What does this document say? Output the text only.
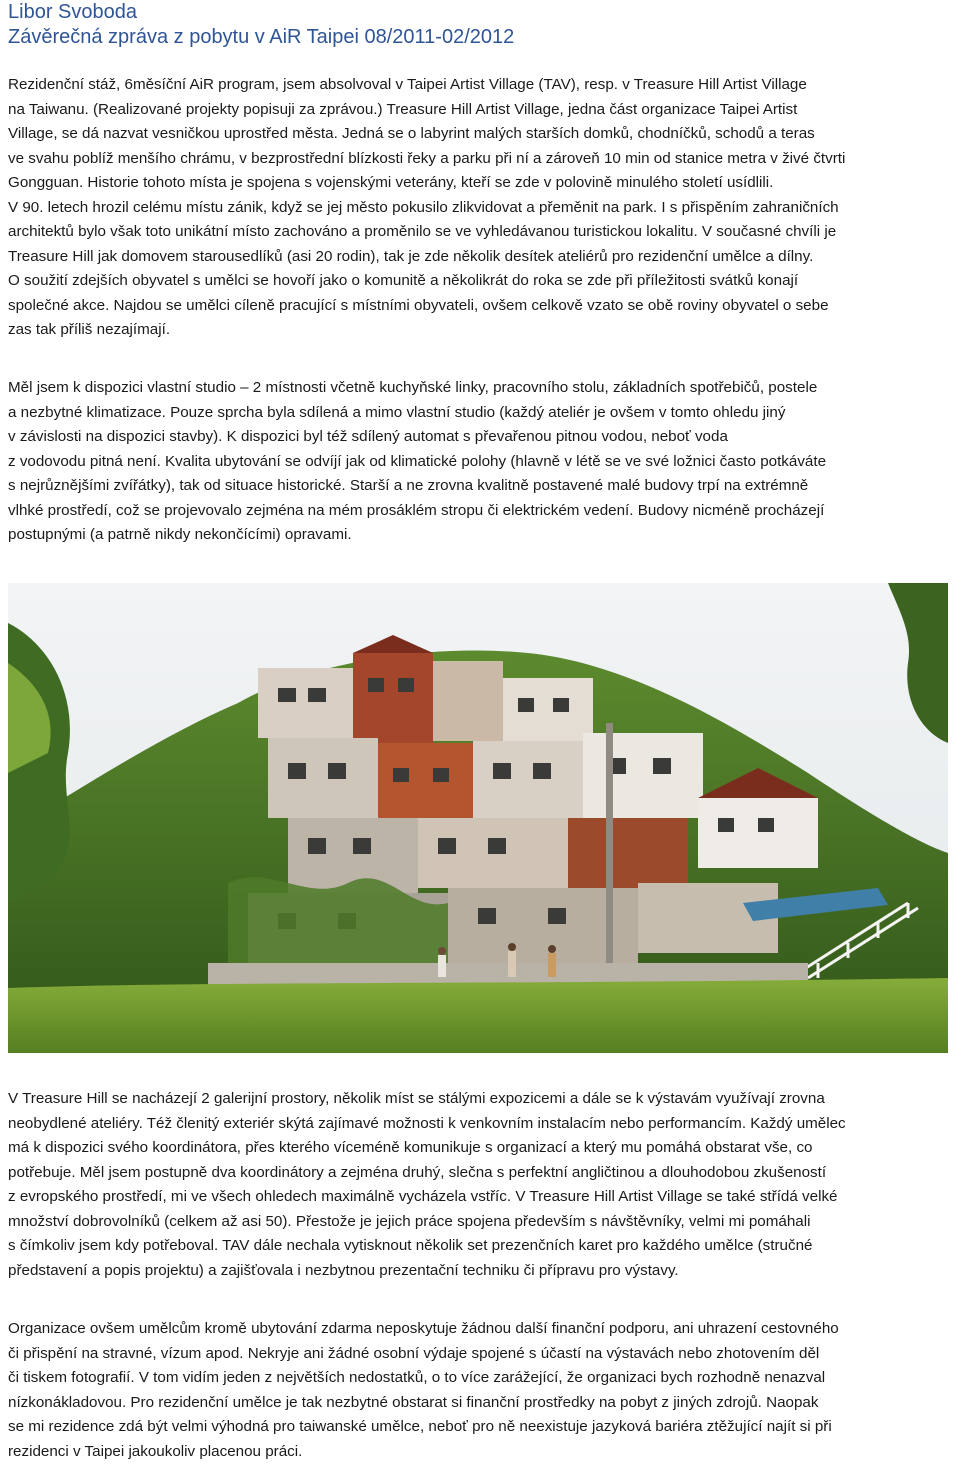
Libor Svoboda
Závěrečná zpráva z pobytu v AiR Taipei 08/2011-02/2012

Rezidenční stáž, 6měsíční AiR program, jsem absolvoval v Taipei Artist Village (TAV), resp. v Treasure Hill Artist Village
na Taiwanu. (Realizované projekty popisuji za zprávou.) Treasure Hill Artist Village, jedna část organizace Taipei Artist
Village, se dá nazvat vesničkou uprostřed města. Jedná se o labyrint malých starších domků, chodníčků, schodů a teras
ve svahu poblíž menšího chrámu, v bezprostřední blízkosti řeky a parku při ní a zároveň 10 min od stanice metra v živé čtvrti
Gongguan. Historie tohoto místa je spojena s vojenskými veterány, kteří se zde v polovině minulého století usídlili.
V 90. letech hrozil celému místu zánik, když se jej město pokusilo zlikvidovat a přeměnit na park. I s přispěním zahraničních
architektů bylo však toto unikátní místo zachováno a proměnilo se ve vyhledávanou turistickou lokalitu. V současné chvíli je
Treasure Hill jak domovem starousedlíků (asi 20 rodin), tak je zde několik desítek ateliérů pro rezidenční umělce a dílny.
O soužití zdejších obyvatel s umělci se hovoří jako o komunitě a několikrát do roka se zde při příležitosti svátků konají
společné akce. Najdou se umělci cíleně pracující s místními obyvateli, ovšem celkově vzato se obě roviny obyvatel o sebe
zas tak příliš nezajímají.

Měl jsem k dispozici vlastní studio – 2 místnosti včetně kuchyňské linky, pracovního stolu, základních spotřebičů, postele
a nezbytné klimatizace. Pouze sprcha byla sdílená a mimo vlastní studio (každý ateliér je ovšem v tomto ohledu jiný
v závislosti na dispozici stavby). K dispozici byl též sdílený automat s převařenou pitnou vodou, neboť voda
z vodovodu pitná není. Kvalita ubytování se odvíjí jak od klimatické polohy (hlavně v létě se ve své ložnici často potkáváte
s nejrůznějšími zvířátky), tak od situace historické. Starší a ne zrovna kvalitně postavené malé budovy trpí na extrémně
vlhké prostředí, což se projevovalo zejména na mém prosáklém stropu či elektrickém vedení. Budovy nicméně procházejí
postupnými (a patrně nikdy nekončícími) opravami.

V Treasure Hill se nacházejí 2 galerijní prostory, několik míst se stálými expozicemi a dále se k výstavám využívají zrovna
neobydlené ateliéry. Též členitý exteriér skýtá zajímavé možnosti k venkovním instalacím nebo performancím. Každý umělec
má k dispozici svého koordinátora, přes kterého víceméně komunikuje s organizací a který mu pomáhá obstarat vše, co
potřebuje. Měl jsem postupně dva koordinátory a zejména druhý, slečna s perfektní angličtinou a dlouhodobou zkušeností
z evropského prostředí, mi ve všech ohledech maximálně vycházela vstříc. V Treasure Hill Artist Village se také střídá velké
množství dobrovolníků (celkem až asi 50). Přestože je jejich práce spojena především s návštěvníky, velmi mi pomáhali
s čímkoliv jsem kdy potřeboval. TAV dále nechala vytisknout několik set prezenčních karet pro každého umělce (stručné
představení a popis projektu) a zajišťovala i nezbytnou prezentační techniku či přípravu pro výstavy.

Organizace ovšem umělcům kromě ubytování zdarma neposkytuje žádnou další finanční podporu, ani uhrazení cestovného
či přispění na stravné, vízum apod. Nekryje ani žádné osobní výdaje spojené s účastí na výstavách nebo zhotovením děl
či tiskem fotografií. V tom vidím jeden z největších nedostatků, o to více zarážející, že organizaci bych rozhodně nenazval
nízkonákladovou. Pro rezidenční umělce je tak nezbytné obstarat si finanční prostředky na pobyt z jiných zdrojů. Naopak
se mi rezidence zdá být velmi výhodná pro taiwanské umělce, neboť pro ně neexistuje jazyková bariéra ztěžující najít si při
rezidenci v Taipei jakoukoliv placenou práci.
